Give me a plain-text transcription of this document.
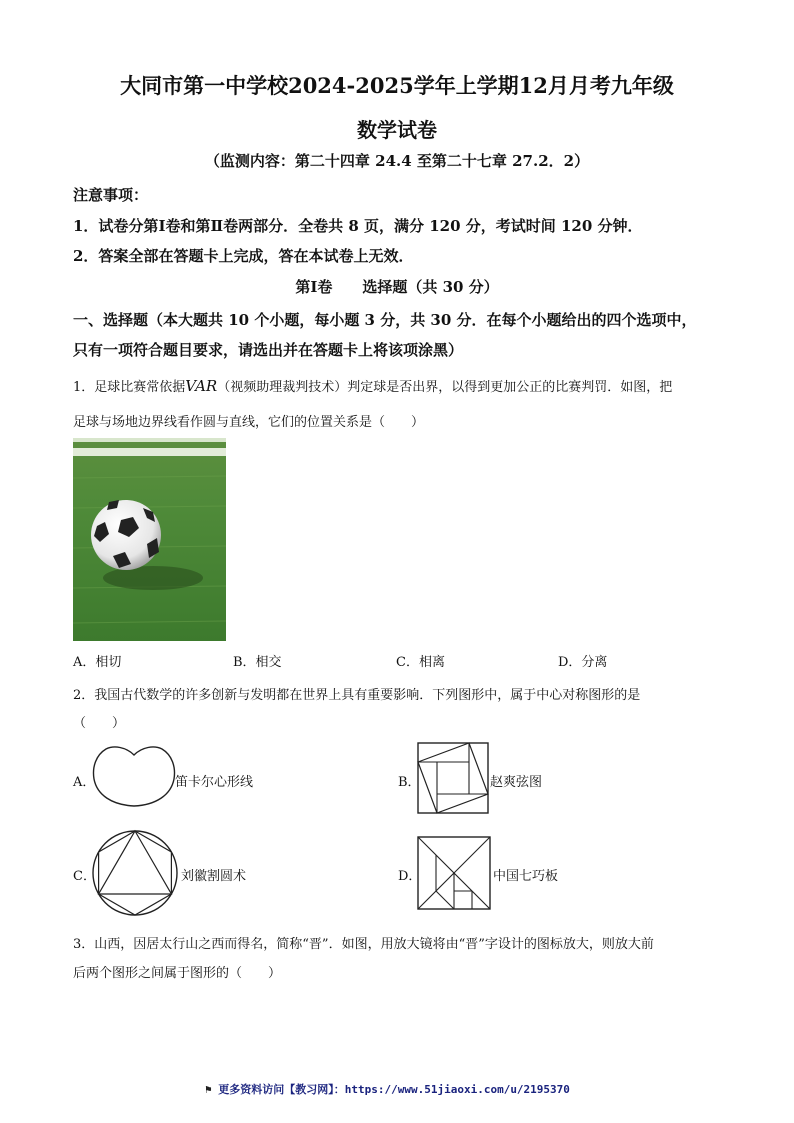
大同市第一中学校2024-2025学年上学期12月月考九年级
数学试卷
（监测内容：第二十四章 24.4 至第二十七章 27.2．2）
注意事项：
1．试卷分第Ⅰ卷和第Ⅱ卷两部分．全卷共 8 页，满分 120 分，考试时间 120 分钟．
2．答案全部在答题卡上完成，答在本试卷上无效．
第Ⅰ卷　　选择题（共 30 分）
一、选择题（本大题共 10 个小题，每小题 3 分，共 30 分．在每个小题给出的四个选项中，
只有一项符合题目要求，请选出并在答题卡上将该项涂黑）
1．足球比赛常依据VAR（视频助理裁判技术）判定球是否出界，以得到更加公正的比赛判罚．如图，把
足球与场地边界线看作圆与直线，它们的位置关系是（　　）
A．相切	B．相交	C．相离	D．分离
2．我国古代数学的许多创新与发明都在世界上具有重要影响．下列图形中，属于中心对称图形的是
（　　）
A．	笛卡尔心形线	B．	赵爽弦图
C．	刘徽割圆术	D．	中国七巧板
3．山西，因居太行山之西而得名，简称“晋”．如图，用放大镜将由“晋”字设计的图标放大，则放大前
后两个图形之间属于图形的（　　）
⚑ 更多资料访问【教习网】：https://www.51jiaoxi.com/u/2195370
